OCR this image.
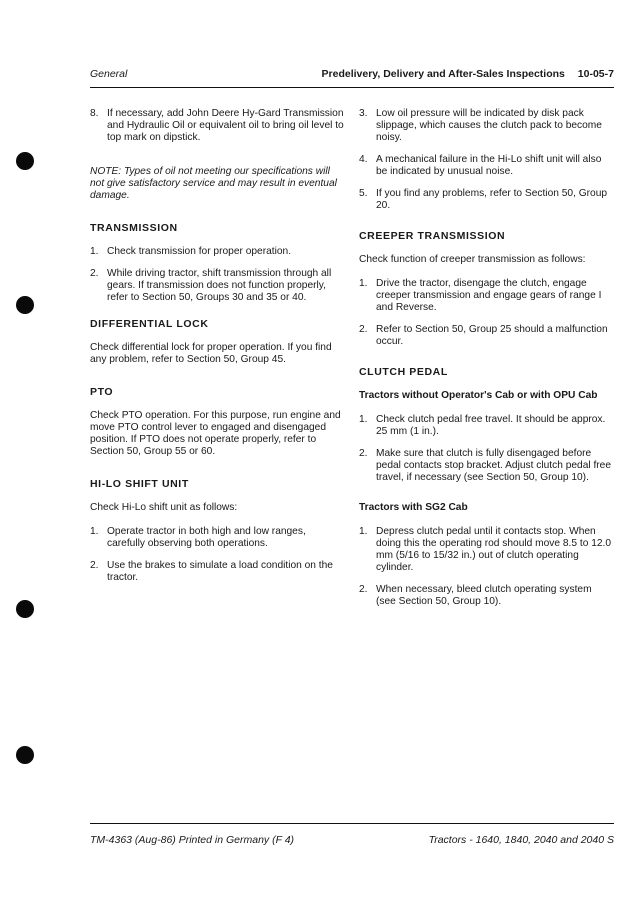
General	Predelivery, Delivery and After-Sales Inspections 10-05-7
8. If necessary, add John Deere Hy-Gard Transmission and Hydraulic Oil or equivalent oil to bring oil level to top mark on dipstick.

NOTE: Types of oil not meeting our specifications will not give satisfactory service and may result in eventual damage.

TRANSMISSION
1. Check transmission for proper operation.
2. While driving tractor, shift transmission through all gears. If transmission does not function properly, refer to Section 50, Groups 30 and 35 or 40.
DIFFERENTIAL LOCK

Check differential lock for proper operation. If you find any problem, refer to Section 50, Group 45.

PTO

Check PTO operation. For this purpose, run engine and move PTO control lever to engaged and disengaged position. If PTO does not operate properly, refer to Section 50, Group 55 or 60.

HI-LO SHIFT UNIT

Check Hi-Lo shift unit as follows:

1. Operate tractor in both high and low ranges, carefully observing both operations.
2. Use the brakes to simulate a load condition on the tractor.
3. Low oil pressure will be indicated by disk pack slippage, which causes the clutch pack to become noisy.
4. A mechanical failure in the Hi-Lo shift unit will also be indicated by unusual noise.
5. If you find any problems, refer to Section 50, Group 20.
CREEPER TRANSMISSION

Check function of creeper transmission as follows:

1. Drive the tractor, disengage the clutch, engage creeper transmission and engage gears of range I and Reverse.
2. Refer to Section 50, Group 25 should a malfunction occur.
CLUTCH PEDAL
Tractors without Operator's Cab or with OPU Cab
1. Check clutch pedal free travel. It should be approx. 25 mm (1 in.).
2. Make sure that clutch is fully disengaged before pedal contacts stop bracket. Adjust clutch pedal free travel, if necessary (see Section 50, Group 10).
Tractors with SG2 Cab
1. Depress clutch pedal until it contacts stop. When doing this the operating rod should move 8.5 to 12.0 mm (5/16 to 15/32 in.) out of clutch operating cylinder.
2. When necessary, bleed clutch operating system (see Section 50, Group 10).
TM-4363 (Aug-86) Printed in Germany (F 4)	Tractors - 1640, 1840, 2040 and 2040 S
